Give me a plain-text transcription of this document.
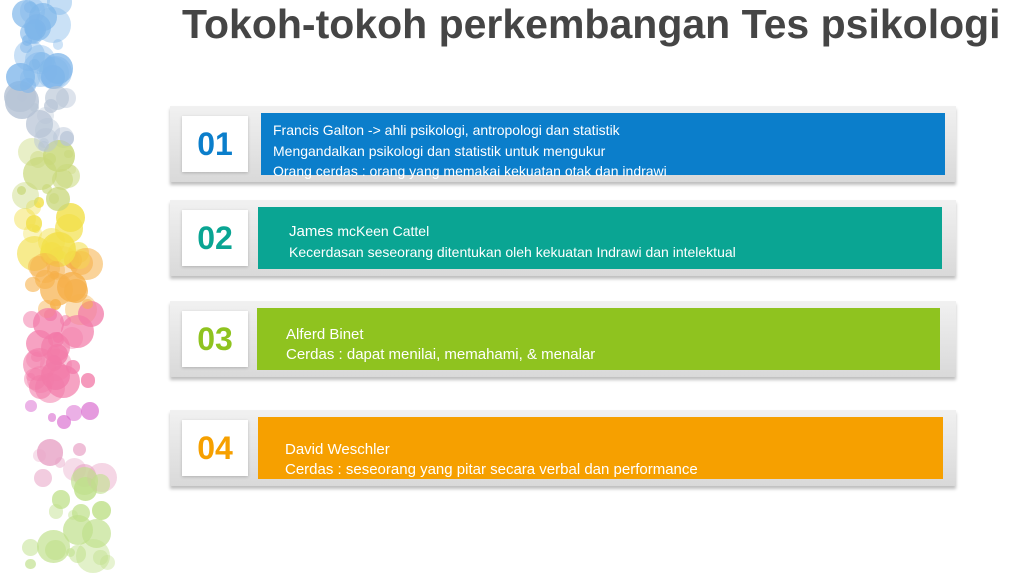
Tokoh-tokoh perkembangan Tes psikologi
01	Francis Galton -> ahli psikologi, antropologi dan statistik
Mengandalkan psikologi dan statistik untuk mengukur
Orang cerdas : orang yang memakai kekuatan otak dan indrawi
02	James mcKeen Cattel
Kecerdasan seseorang ditentukan oleh kekuatan Indrawi dan intelektual
03	Alferd Binet
Cerdas : dapat menilai, memahami, & menalar
04	David Weschler
Cerdas : seseorang yang pitar secara verbal dan performance
